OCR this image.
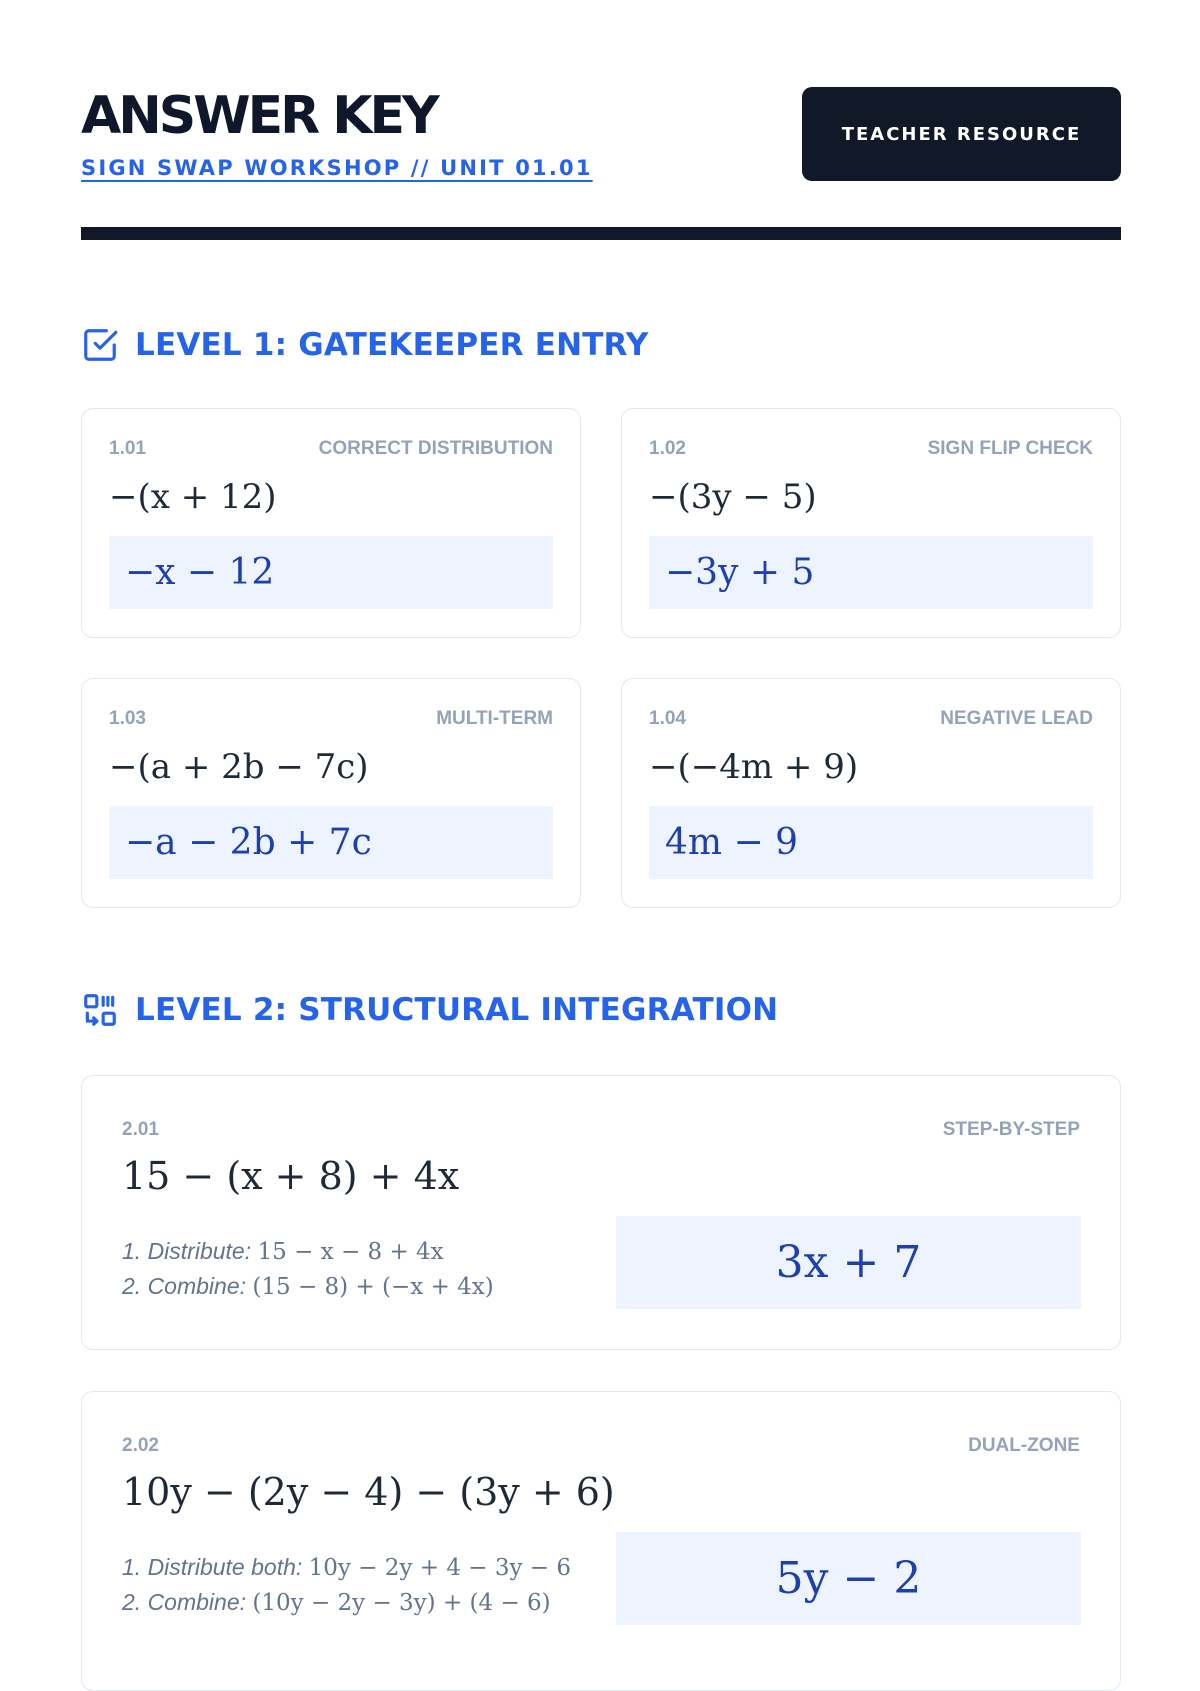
ANSWER KEY
SIGN SWAP WORKSHOP // UNIT 01.01
TEACHER RESOURCE
LEVEL 1: GATEKEEPER ENTRY
1.01	CORRECT DISTRIBUTION
−(x + 12)
−x − 12
1.02	SIGN FLIP CHECK
−(3y − 5)
−3y + 5
1.03	MULTI-TERM
−(a + 2b − 7c)
−a − 2b + 7c
1.04	NEGATIVE LEAD
−(−4m + 9)
4m − 9
LEVEL 2: STRUCTURAL INTEGRATION
2.01	STEP-BY-STEP
15 − (x + 8) + 4x
1. Distribute: 15 − x − 8 + 4x
2. Combine: (15 − 8) + (−x + 4x)	3x + 7
2.02	DUAL-ZONE
10y − (2y − 4) − (3y + 6)
1. Distribute both: 10y − 2y + 4 − 3y − 6
2. Combine: (10y − 2y − 3y) + (4 − 6)	5y − 2
